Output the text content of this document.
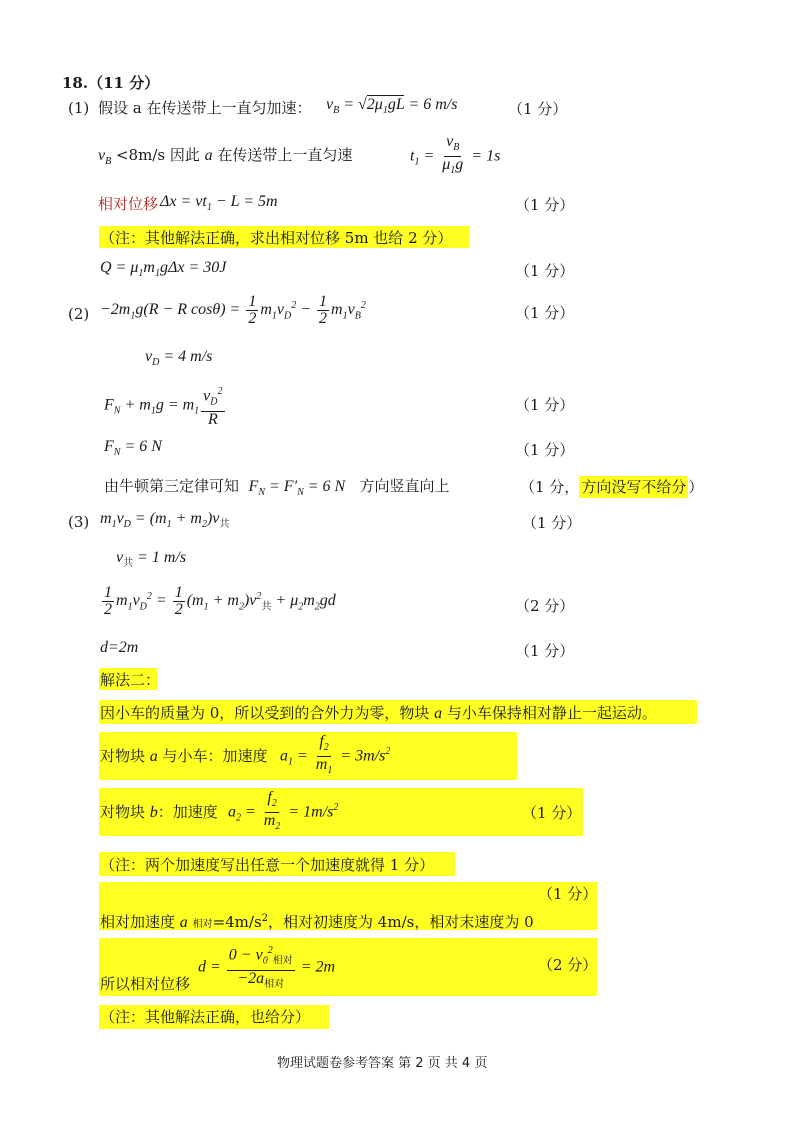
18.（11 分）
(1) 假设 a 在传送带上一直匀加速： $v_B = √2\mu_1gL = 6$ m/s	（1 分）
$v_B <8m/s$ 因此 a 在传送带上一直匀速	$t_1 = \frac{v_B}{\mu_1g} = 1s$
相对位移 $\Delta x = vt_1 - L = 5m$	（1 分）
（注：其他解法正确，求出相对位移 5m 也给 2 分）
$Q = \mu_1m_1g\Delta x = 30J$	（1 分）
$(2) -2m_1g(R - R$ $\cos\theta) = \frac{1}{2} m_1v_D^2 - \frac{1}{2} m_1v_B^2$	（1 分）
$v_D = 4$ m/s
$F_N + m_1g = m_1 \frac{v_D^2}{R}$	（1 分）
$F_N = 6$ N	（1 分）
由牛顿第三定律可知  $F_N = F'_N = 6$ N   方向竖直向上	（1 分， 方向没写不给分 ）
(3) $m_1v_D = (m_1 + m_2)v_共$	（1 分）
$v_共 = 1$ m/s
$\frac{1}{2} m_1v_D^2 = \frac{1}{2} (m_1 + m_2)v^2_共 + \mu_2m_2gd$	（2 分）
d=2m	（1 分）
解法二：
因小车的质量为 0，所以受到的合外力为零，物块 a 与小车保持相对静止一起运动。
对物块 a 与小车：加速度 $a_1 = \frac{f_2}{m_1} = 3m/s^2$
对物块 b：加速度 $a_2 = \frac{f_2}{m_2} = 1m/s^2$	（1 分）
（注：两个加速度写出任意一个加速度就得 1 分）
（1 分）
相对加速度 a 相对$=4m/s^2$，相对初速度为 4m/s，相对末速度为 0
所以相对位移
$d = \frac{0 - v_0^2_{相对}}{-2a_{相对}} = 2m$	（2 分）
（注：其他解法正确，也给分）
物理试题卷参考答案 第 2 页 共 4 页
